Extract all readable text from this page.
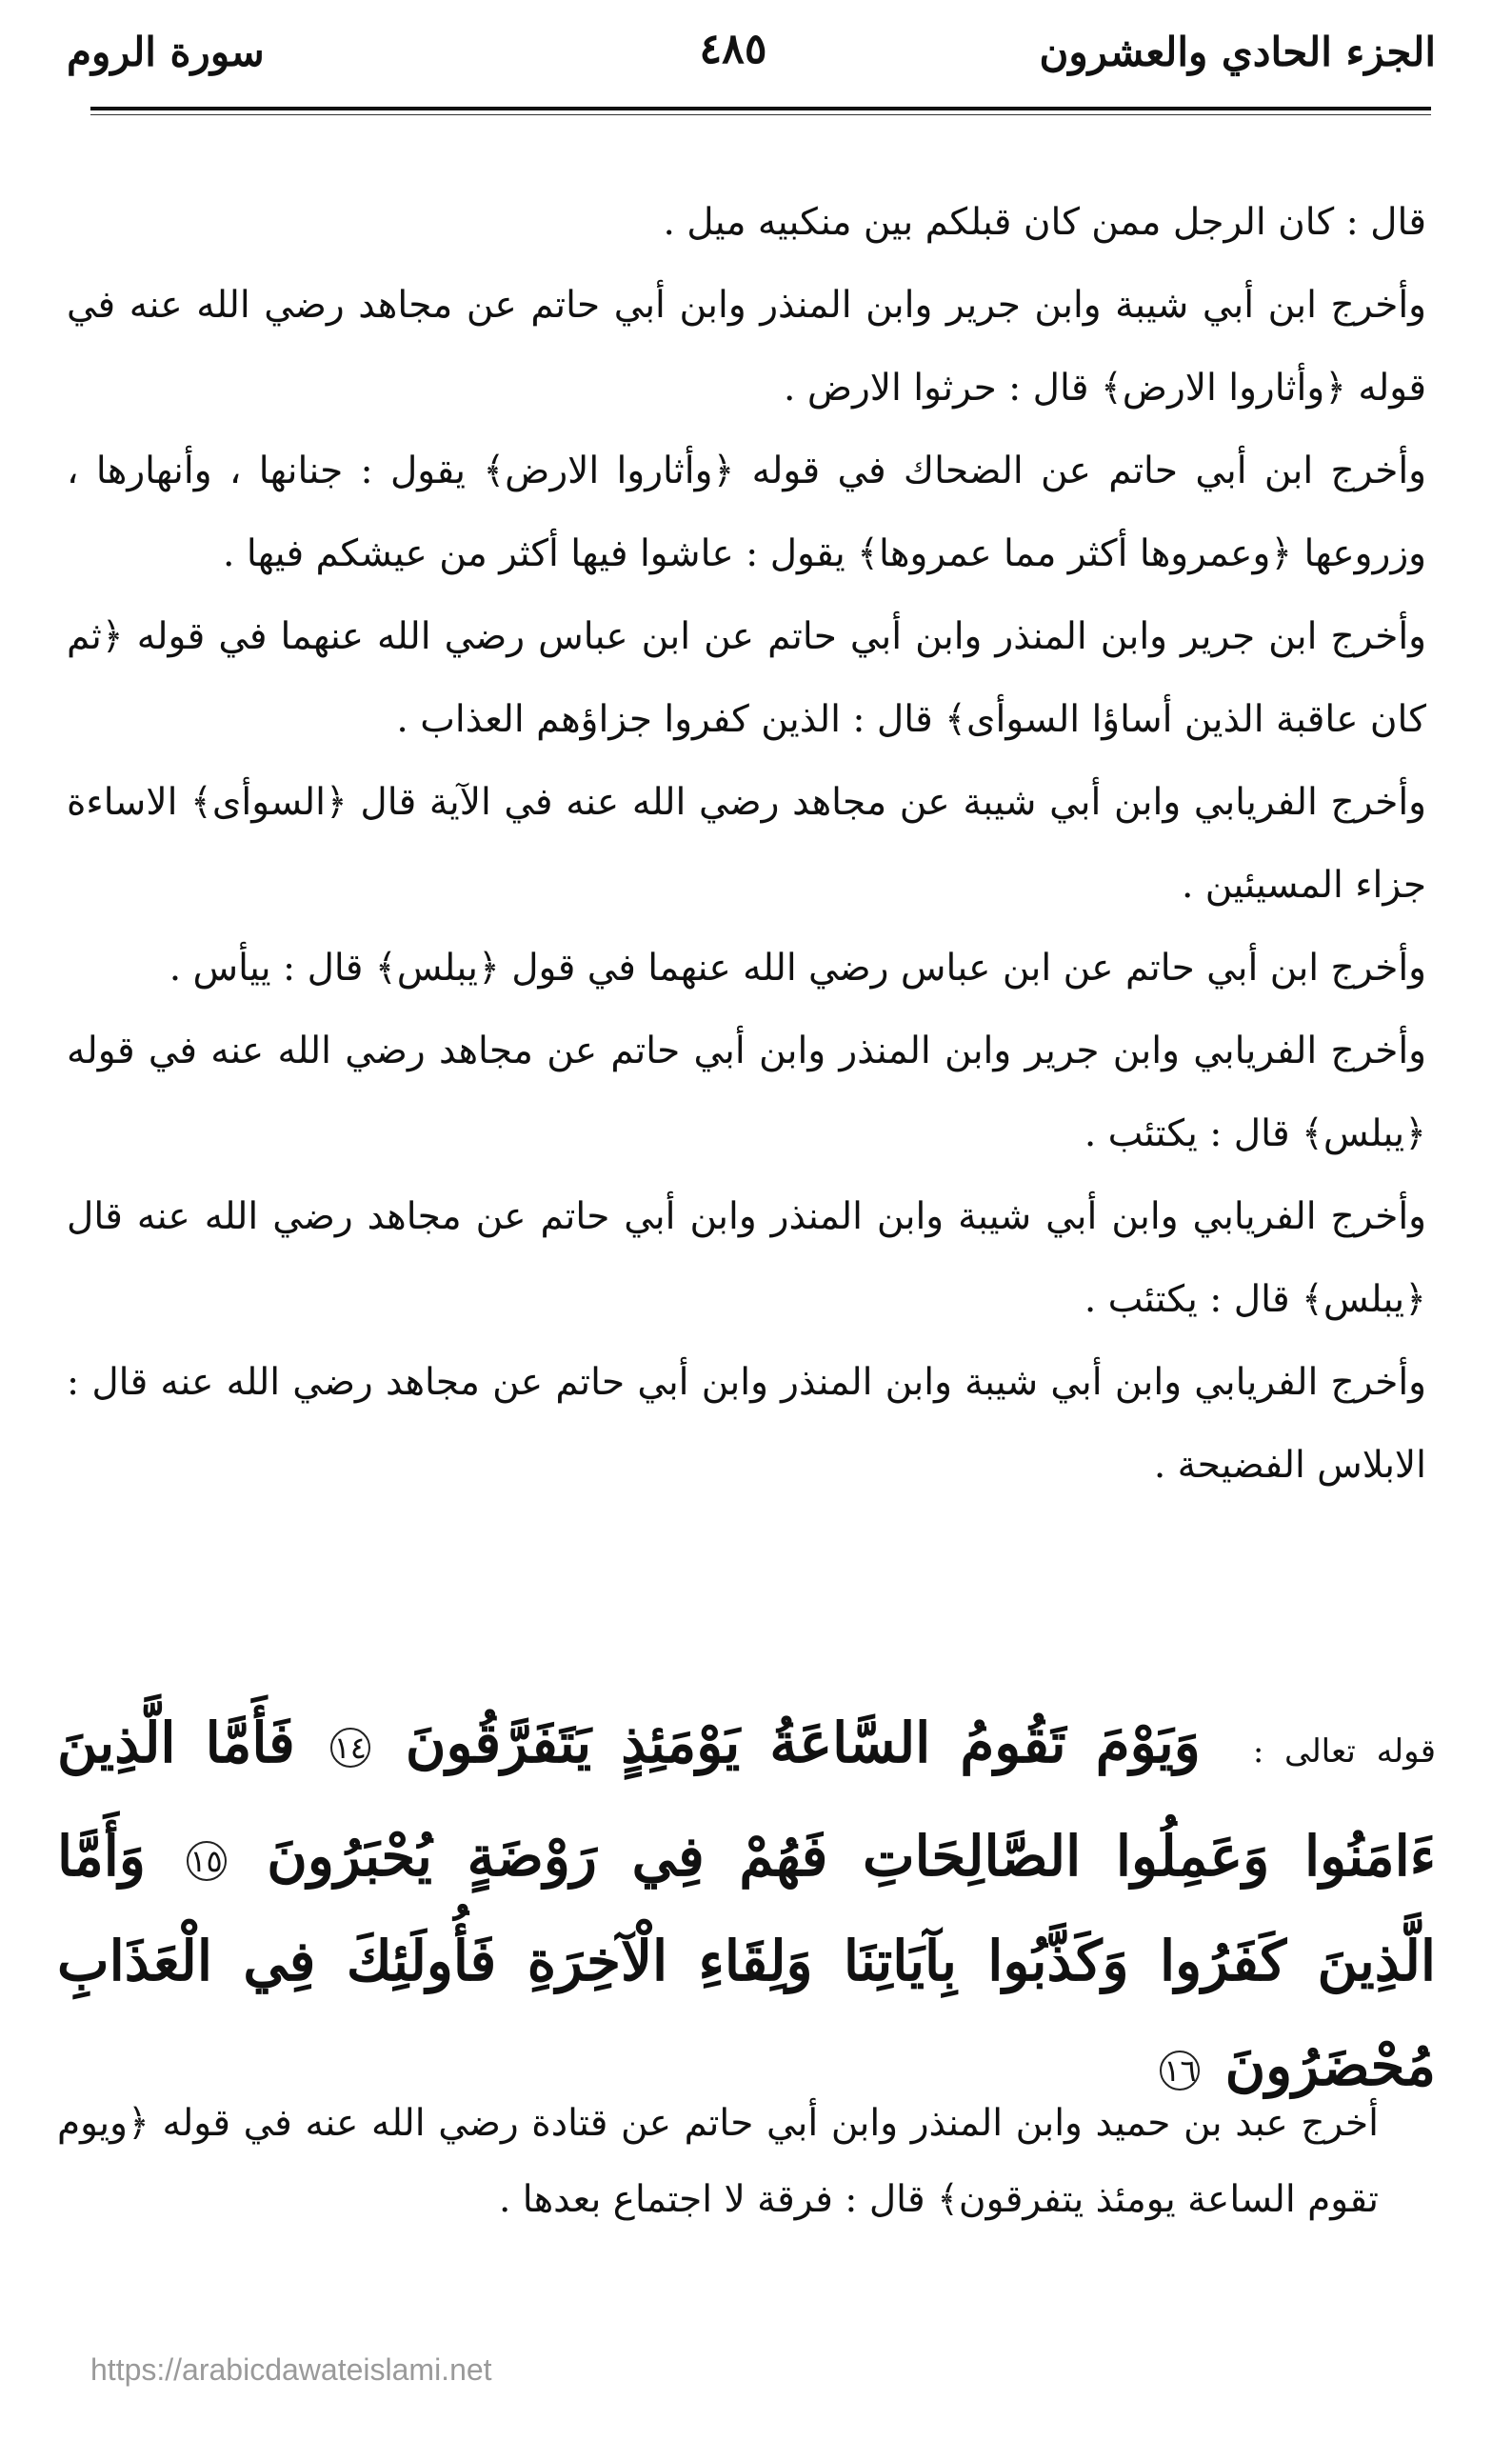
الجزء الحادي والعشرون
٤٨٥
سورة الروم

قال : كان الرجل ممن كان قبلكم بين منكبيه ميل .

وأخرج ابن أبي شيبة وابن جرير وابن المنذر وابن أبي حاتم عن مجاهد رضي الله عنه في قوله ﴿وأثاروا الارض﴾ قال : حرثوا الارض .

وأخرج ابن أبي حاتم عن الضحاك في قوله ﴿وأثاروا الارض﴾ يقول : جنانها ، وأنهارها ، وزروعها ﴿وعمروها أكثر مما عمروها﴾ يقول : عاشوا فيها أكثر من عيشكم فيها .

وأخرج ابن جرير وابن المنذر وابن أبي حاتم عن ابن عباس رضي الله عنهما في قوله ﴿ثم كان عاقبة الذين أساؤا السوأى﴾ قال : الذين كفروا جزاؤهم العذاب .

وأخرج الفريابي وابن أبي شيبة عن مجاهد رضي الله عنه في الآية قال ﴿السوأى﴾ الاساءة جزاء المسيئين .

وأخرج ابن أبي حاتم عن ابن عباس رضي الله عنهما في قول ﴿يبلس﴾ قال : ييأس .

وأخرج الفريابي وابن جرير وابن المنذر وابن أبي حاتم عن مجاهد رضي الله عنه في قوله ﴿يبلس﴾ قال : يكتئب .

وأخرج الفريابي وابن أبي شيبة وابن المنذر وابن أبي حاتم عن مجاهد رضي الله عنه قال ﴿يبلس﴾ قال : يكتئب .

وأخرج الفريابي وابن أبي شيبة وابن المنذر وابن أبي حاتم عن مجاهد رضي الله عنه قال : الابلاس الفضيحة .

قوله تعالى : وَيَوْمَ تَقُومُ السَّاعَةُ يَوْمَئِذٍ يَتَفَرَّقُونَ ١٤ فَأَمَّا الَّذِينَ ءَامَنُوا وَعَمِلُوا الصَّالِحَاتِ فَهُمْ فِي رَوْضَةٍ يُحْبَرُونَ ١٥ وَأَمَّا الَّذِينَ كَفَرُوا وَكَذَّبُوا بِآيَاتِنَا وَلِقَاءِ الْآخِرَةِ فَأُولَئِكَ فِي الْعَذَابِ مُحْضَرُونَ ١٦

أخرج عبد بن حميد وابن المنذر وابن أبي حاتم عن قتادة رضي الله عنه في قوله ﴿ويوم تقوم الساعة يومئذ يتفرقون﴾ قال : فرقة لا اجتماع بعدها .

https://arabicdawateislami.net
